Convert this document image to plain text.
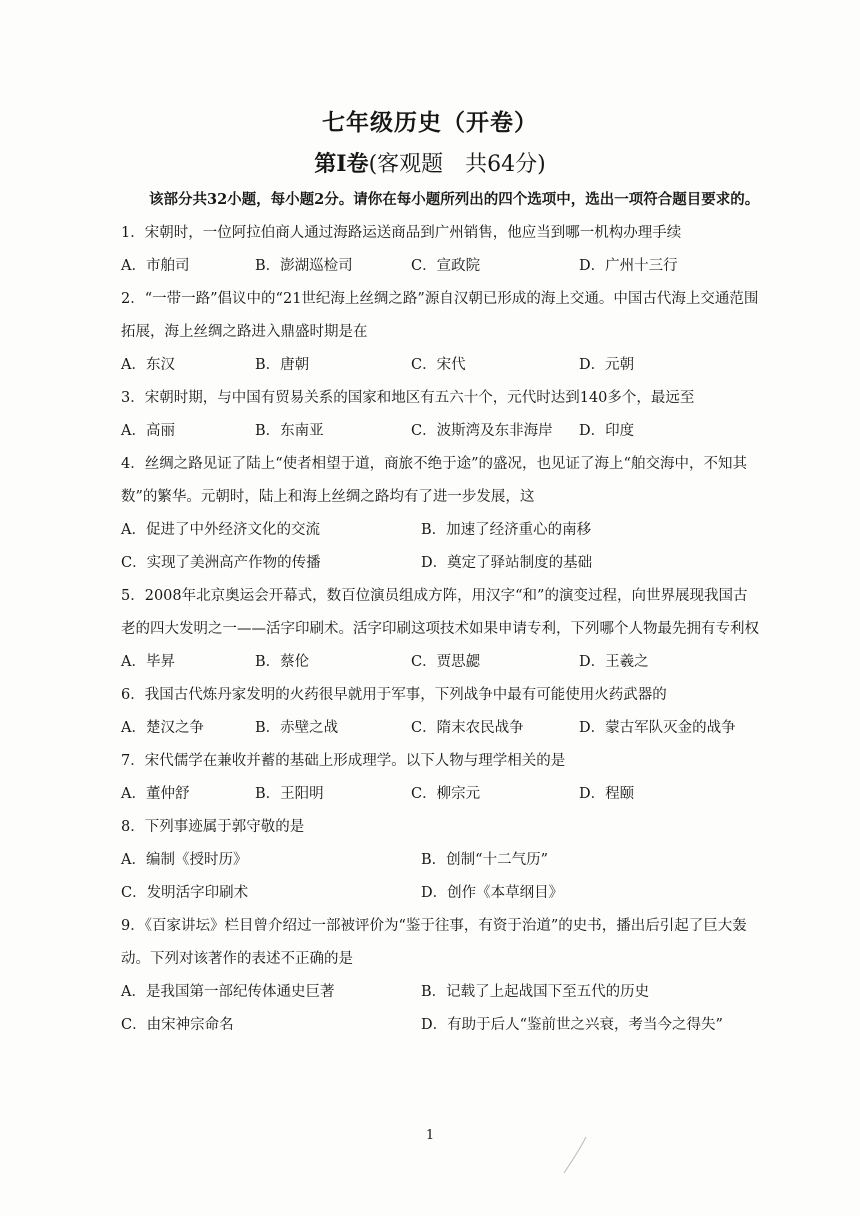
七年级历史（开卷）
第Ⅰ卷(客观题　共64分)

该部分共32小题，每小题2分。请你在每小题所列出的四个选项中，选出一项符合题目要求的。

1．宋朝时，一位阿拉伯商人通过海路运送商品到广州销售，他应当到哪一机构办理手续

A．市舶司	B．澎湖巡检司	C．宣政院	D．广州十三行

2．“一带一路”倡议中的“21世纪海上丝绸之路”源自汉朝已形成的海上交通。中国古代海上交通范围拓展，海上丝绸之路进入鼎盛时期是在

A．东汉	B．唐朝	C．宋代	D．元朝

3．宋朝时期，与中国有贸易关系的国家和地区有五六十个，元代时达到140多个，最远至

A．高丽	B．东南亚	C．波斯湾及东非海岸	D．印度

4．丝绸之路见证了陆上“使者相望于道，商旅不绝于途”的盛况，也见证了海上“舶交海中，不知其数”的繁华。元朝时，陆上和海上丝绸之路均有了进一步发展，这

A．促进了中外经济文化的交流	B．加速了经济重心的南移
C．实现了美洲高产作物的传播	D．奠定了驿站制度的基础

5．2008年北京奥运会开幕式，数百位演员组成方阵，用汉字“和”的演变过程，向世界展现我国古老的四大发明之一——活字印刷术。活字印刷这项技术如果申请专利，下列哪个人物最先拥有专利权

A．毕昇	B．蔡伦	C．贾思勰	D．王羲之

6．我国古代炼丹家发明的火药很早就用于军事，下列战争中最有可能使用火药武器的

A．楚汉之争	B．赤壁之战	C．隋末农民战争	D．蒙古军队灭金的战争

7．宋代儒学在兼收并蓄的基础上形成理学。以下人物与理学相关的是

A．董仲舒	B．王阳明	C．柳宗元	D．程颐

8．下列事迹属于郭守敬的是

A．编制《授时历》	B．创制“十二气历”
C．发明活字印刷术	D．创作《本草纲目》

9．《百家讲坛》栏目曾介绍过一部被评价为“鉴于往事，有资于治道”的史书，播出后引起了巨大轰动。下列对该著作的表述不正确的是

A．是我国第一部纪传体通史巨著	B．记载了上起战国下至五代的历史
C．由宋神宗命名	D．有助于后人“鉴前世之兴衰，考当今之得失”
1
